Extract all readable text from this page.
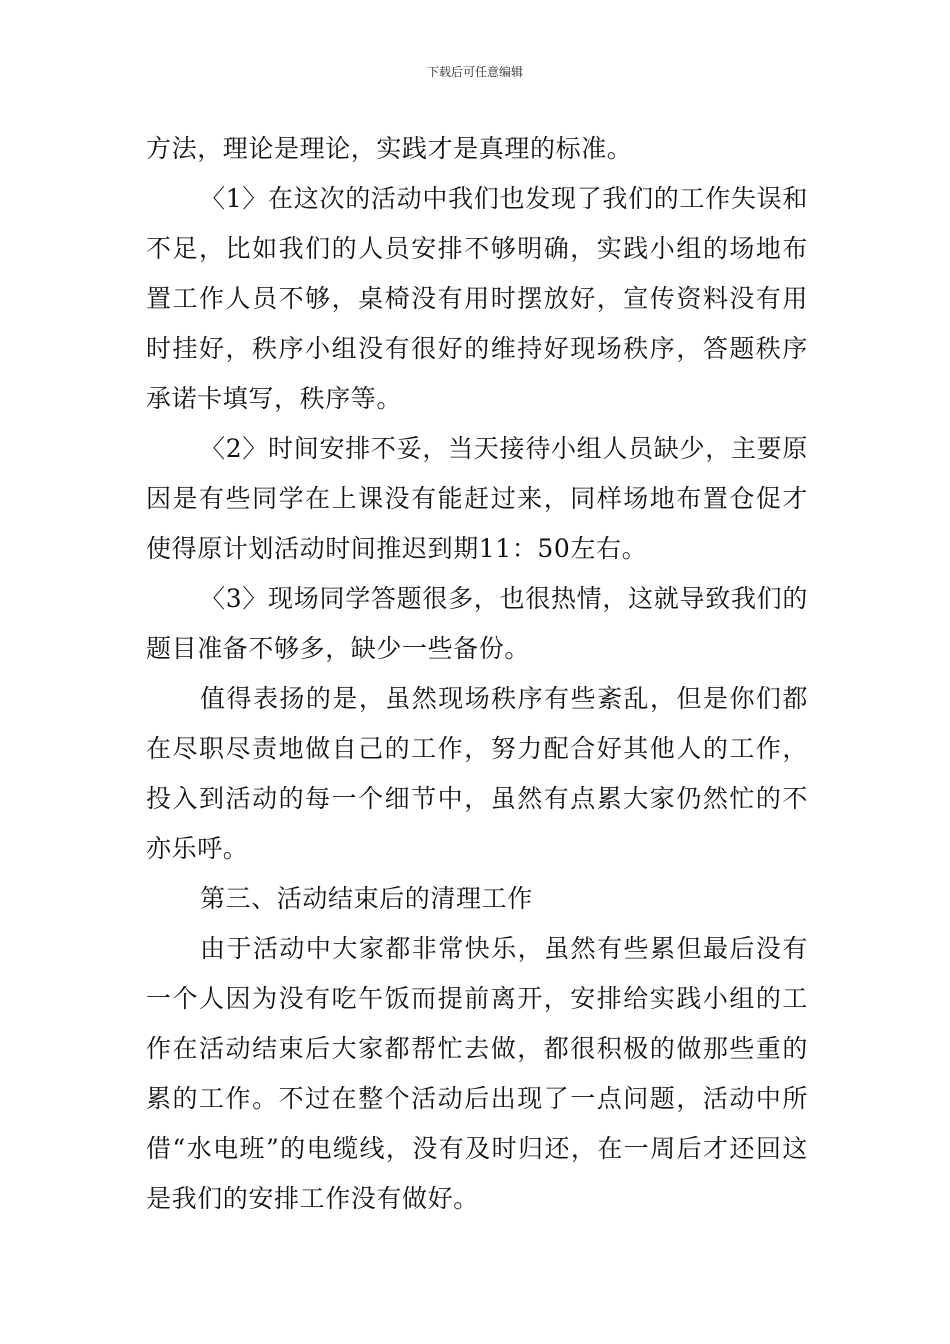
下载后可任意编辑

方法，理论是理论，实践才是真理的标准。

〈1〉在这次的活动中我们也发现了我们的工作失误和不足，比如我们的人员安排不够明确，实践小组的场地布置工作人员不够，桌椅没有用时摆放好，宣传资料没有用时挂好，秩序小组没有很好的维持好现场秩序，答题秩序承诺卡填写，秩序等。

〈2〉时间安排不妥，当天接待小组人员缺少，主要原因是有些同学在上课没有能赶过来，同样场地布置仓促才使得原计划活动时间推迟到期11：50左右。

〈3〉现场同学答题很多，也很热情，这就导致我们的题目准备不够多，缺少一些备份。

值得表扬的是，虽然现场秩序有些紊乱，但是你们都在尽职尽责地做自己的工作，努力配合好其他人的工作，投入到活动的每一个细节中，虽然有点累大家仍然忙的不亦乐呼。

第三、活动结束后的清理工作

由于活动中大家都非常快乐，虽然有些累但最后没有一个人因为没有吃午饭而提前离开，安排给实践小组的工作在活动结束后大家都帮忙去做，都很积极的做那些重的累的工作。不过在整个活动后出现了一点问题，活动中所借“水电班”的电缆线，没有及时归还，在一周后才还回这是我们的安排工作没有做好。
